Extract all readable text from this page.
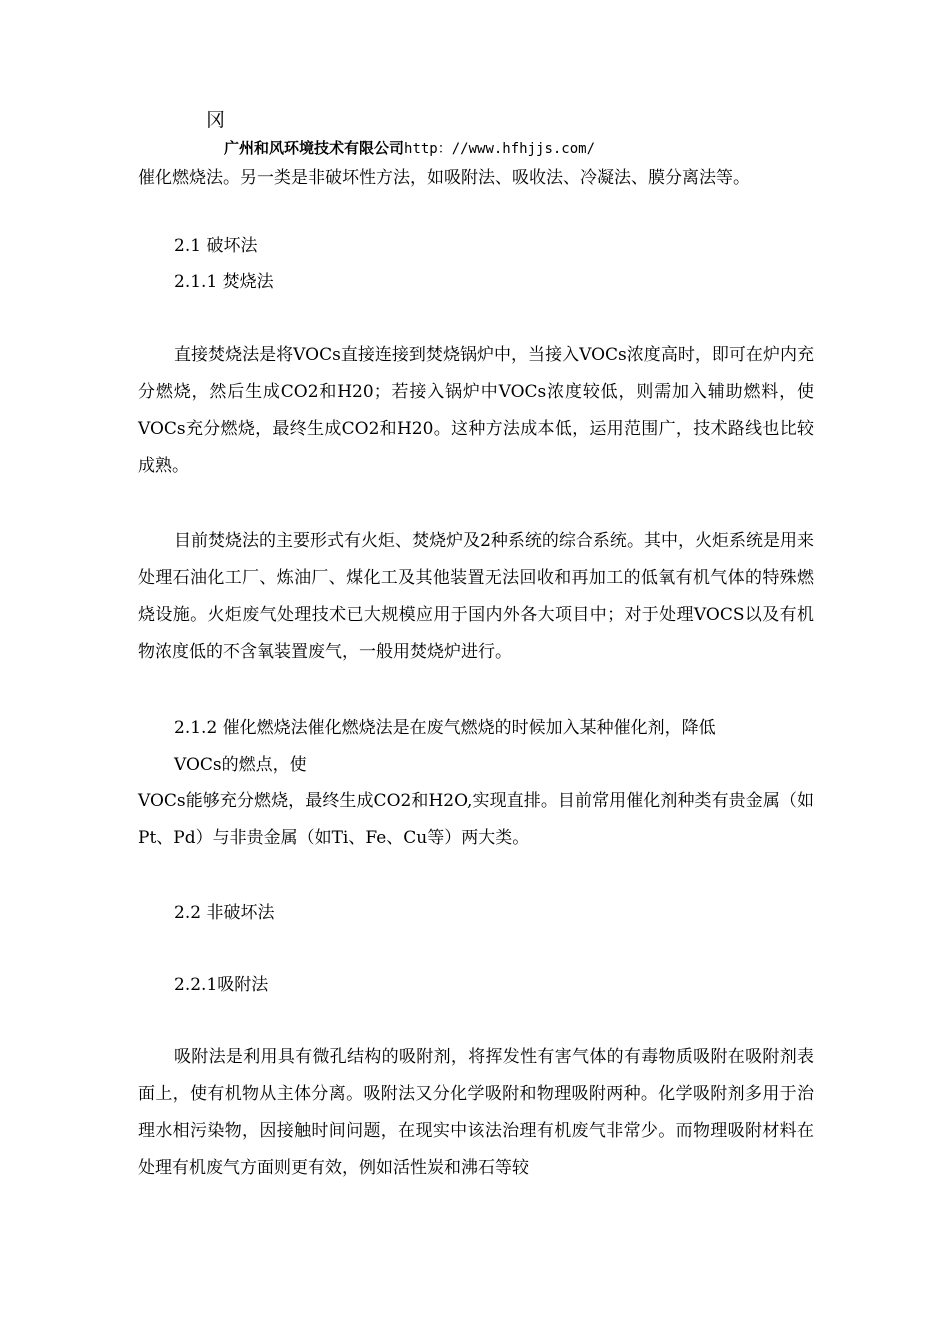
冈
广州和风环境技术有限公司http：//www.hfhjjs.com/
催化燃烧法。另一类是非破坏性方法，如吸附法、吸收法、冷凝法、膜分离法等。
2.1 破坏法
2.1.1 焚烧法

直接焚烧法是将VOCs直接连接到焚烧锅炉中，当接入VOCs浓度高时，即可在炉内充分燃烧，然后生成CO2和H20；若接入锅炉中VOCs浓度较低，则需加入辅助燃料，使VOCs充分燃烧，最终生成CO2和H20。这种方法成本低，运用范围广，技术路线也比较成熟。

目前焚烧法的主要形式有火炬、焚烧炉及2种系统的综合系统。其中，火炬系统是用来处理石油化工厂、炼油厂、煤化工及其他装置无法回收和再加工的低氧有机气体的特殊燃烧设施。火炬废气处理技术已大规模应用于国内外各大项目中；对于处理VOCS以及有机物浓度低的不含氧装置废气，一般用焚烧炉进行。

2.1.2 催化燃烧法催化燃烧法是在废气燃烧的时候加入某种催化剂，降低
VOCs的燃点，使

VOCs能够充分燃烧，最终生成CO2和H2O,实现直排。目前常用催化剂种类有贵金属（如Pt、Pd）与非贵金属（如Ti、Fe、Cu等）两大类。

2.2 非破坏法
2.2.1吸附法

吸附法是利用具有微孔结构的吸附剂，将挥发性有害气体的有毒物质吸附在吸附剂表面上，使有机物从主体分离。吸附法又分化学吸附和物理吸附两种。化学吸附剂多用于治理水相污染物，因接触时间问题，在现实中该法治理有机废气非常少。而物理吸附材料在处理有机废气方面则更有效，例如活性炭和沸石等较
